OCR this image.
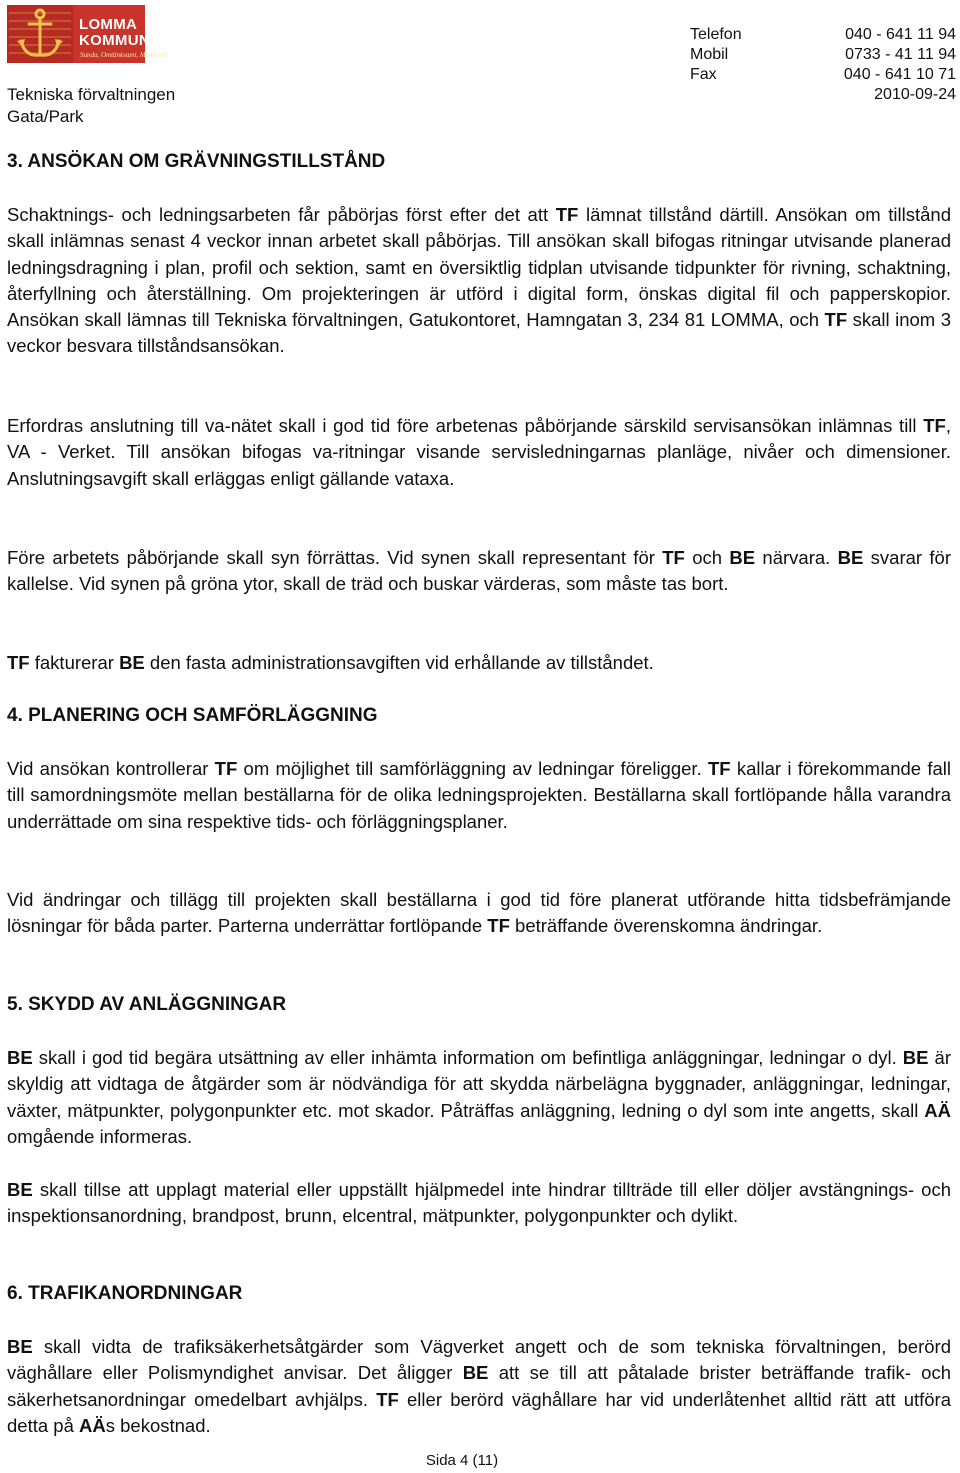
LOMMA
KOMMUN
Sunda, Omtänksamt, Medvetet!
Tekniska förvaltningen
Gata/Park
Telefon	040 - 641 11 94
Mobil	0733 - 41 11 94
Fax	040 - 641 10 71
2010-09-24
3. ANSÖKAN OM GRÄVNINGSTILLSTÅND

Schaktnings- och ledningsarbeten får påbörjas först efter det att TF lämnat tillstånd därtill. Ansökan om tillstånd skall inlämnas senast 4 veckor innan arbetet skall påbörjas. Till ansökan skall bifogas ritningar utvisande planerad ledningsdragning i plan, profil och sektion, samt en översiktlig tidplan utvisande tidpunkter för rivning, schaktning, återfyllning och återställning. Om projekteringen är utförd i digital form, önskas digital fil och papperskopior. Ansökan skall lämnas till Tekniska förvaltningen, Gatukontoret, Hamngatan 3, 234 81 LOMMA, och TF skall inom 3 veckor besvara tillståndsansökan.

Erfordras anslutning till va-nätet skall i god tid före arbetenas påbörjande särskild servisansökan inlämnas till TF, VA - Verket. Till ansökan bifogas va-ritningar visande servisledningarnas planläge, nivåer och dimensioner. Anslutningsavgift skall erläggas enligt gällande vataxa.

Före arbetets påbörjande skall syn förrättas. Vid synen skall representant för TF och BE närvara. BE svarar för kallelse. Vid synen på gröna ytor, skall de träd och buskar värderas, som måste tas bort.

TF fakturerar BE den fasta administrationsavgiften vid erhållande av tillståndet.

4. PLANERING OCH SAMFÖRLÄGGNING

Vid ansökan kontrollerar TF om möjlighet till samförläggning av ledningar föreligger. TF kallar i förekommande fall till samordningsmöte mellan beställarna för de olika ledningsprojekten. Beställarna skall fortlöpande hålla varandra underrättade om sina respektive tids- och förläggningsplaner.

Vid ändringar och tillägg till projekten skall beställarna i god tid före planerat utförande hitta tidsbefrämjande lösningar för båda parter. Parterna underrättar fortlöpande TF beträffande överenskomna ändringar.

5. SKYDD AV ANLÄGGNINGAR

BE skall i god tid begära utsättning av eller inhämta information om befintliga anläggningar, ledningar o dyl. BE är skyldig att vidtaga de åtgärder som är nödvändiga för att skydda närbelägna byggnader, anläggningar, ledningar, växter, mätpunkter, polygonpunkter etc. mot skador. Påträffas anläggning, ledning o dyl som inte angetts, skall AÄ omgående informeras.

BE skall tillse att upplagt material eller uppställt hjälpmedel inte hindrar tillträde till eller döljer avstängnings- och inspektionsanordning, brandpost, brunn, elcentral, mätpunkter, polygonpunkter och dylikt.

6. TRAFIKANORDNINGAR

BE skall vidta de trafiksäkerhetsåtgärder som Vägverket angett och de som tekniska förvaltningen, berörd väghållare eller Polismyndighet anvisar. Det åligger BE att se till att påtalade brister beträffande trafik- och säkerhetsanordningar omedelbart avhjälps. TF eller berörd väghållare har vid underlåtenhet alltid rätt att utföra detta på AÄs bekostnad.

Sida 4 (11)
